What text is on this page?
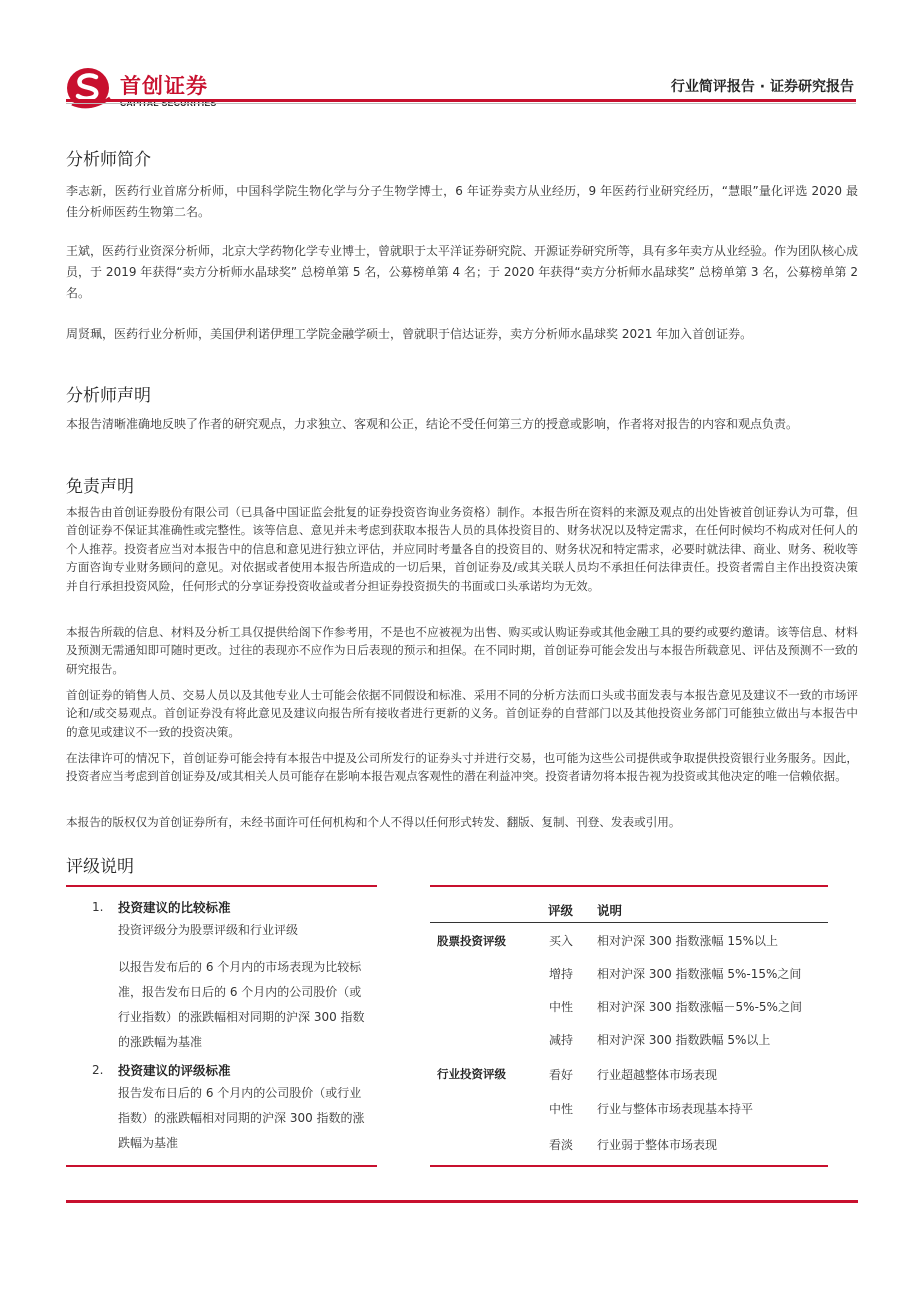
首创证券	行业简评报告 · 证券研究报告
分析师简介
李志新，医药行业首席分析师，中国科学院生物化学与分子生物学博士，6 年证券卖方从业经历，9 年医药行业研究经历，“慧眼”量化评选 2020 最佳分析师医药生物第二名。
王斌，医药行业资深分析师，北京大学药物化学专业博士，曾就职于太平洋证券研究院、开源证券研究所等，具有多年卖方从业经验。作为团队核心成员，于 2019 年获得“卖方分析师水晶球奖” 总榜单第 5 名，公募榜单第 4 名；于 2020 年获得“卖方分析师水晶球奖” 总榜单第 3 名，公募榜单第 2 名。
周贤珮，医药行业分析师，美国伊利诺伊理工学院金融学硕士，曾就职于信达证券，卖方分析师水晶球奖 2021 年加入首创证券。
分析师声明
本报告清晰准确地反映了作者的研究观点，力求独立、客观和公正，结论不受任何第三方的授意或影响，作者将对报告的内容和观点负责。
免责声明
本报告由首创证券股份有限公司（已具备中国证监会批复的证券投资咨询业务资格）制作。本报告所在资料的来源及观点的出处皆被首创证券认为可靠，但首创证券不保证其准确性或完整性。该等信息、意见并未考虑到获取本报告人员的具体投资目的、财务状况以及特定需求，在任何时候均不构成对任何人的个人推荐。投资者应当对本报告中的信息和意见进行独立评估，并应同时考量各自的投资目的、财务状况和特定需求，必要时就法律、商业、财务、税收等方面咨询专业财务顾问的意见。对依据或者使用本报告所造成的一切后果，首创证券及/或其关联人员均不承担任何法律责任。投资者需自主作出投资决策并自行承担投资风险，任何形式的分享证券投资收益或者分担证券投资损失的书面或口头承诺均为无效。
本报告所载的信息、材料及分析工具仅提供给阁下作参考用，不是也不应被视为出售、购买或认购证券或其他金融工具的要约或要约邀请。该等信息、材料及预测无需通知即可随时更改。过往的表现亦不应作为日后表现的预示和担保。在不同时期，首创证券可能会发出与本报告所载意见、评估及预测不一致的研究报告。
首创证券的销售人员、交易人员以及其他专业人士可能会依据不同假设和标准、采用不同的分析方法而口头或书面发表与本报告意见及建议不一致的市场评论和/或交易观点。首创证券没有将此意见及建议向报告所有接收者进行更新的义务。首创证券的自营部门以及其他投资业务部门可能独立做出与本报告中的意见或建议不一致的投资决策。
在法律许可的情况下，首创证券可能会持有本报告中提及公司所发行的证券头寸并进行交易，也可能为这些公司提供或争取提供投资银行业务服务。因此，投资者应当考虑到首创证券及/或其相关人员可能存在影响本报告观点客观性的潜在利益冲突。投资者请勿将本报告视为投资或其他决定的唯一信赖依据。
本报告的版权仅为首创证券所有，未经书面许可任何机构和个人不得以任何形式转发、翻版、复制、刊登、发表或引用。
评级说明
1. 投资建议的比较标准
投资评级分为股票评级和行业评级
以报告发布后的 6 个月内的市场表现为比较标准，报告发布日后的 6 个月内的公司股价（或行业指数）的涨跌幅相对同期的沪深 300 指数的涨跌幅为基准
2. 投资建议的评级标准
报告发布日后的 6 个月内的公司股价（或行业指数）的涨跌幅相对同期的沪深 300 指数的涨跌幅为基准
评级 说明
股票投资评级
行业投资评级
买入 相对沪深 300 指数涨幅 15%以上
增持 相对沪深 300 指数涨幅 5%-15%之间
中性 相对沪深 300 指数涨幅－5%-5%之间
减持 相对沪深 300 指数跌幅 5%以上
看好 行业超越整体市场表现
中性 行业与整体市场表现基本持平
看淡 行业弱于整体市场表现
